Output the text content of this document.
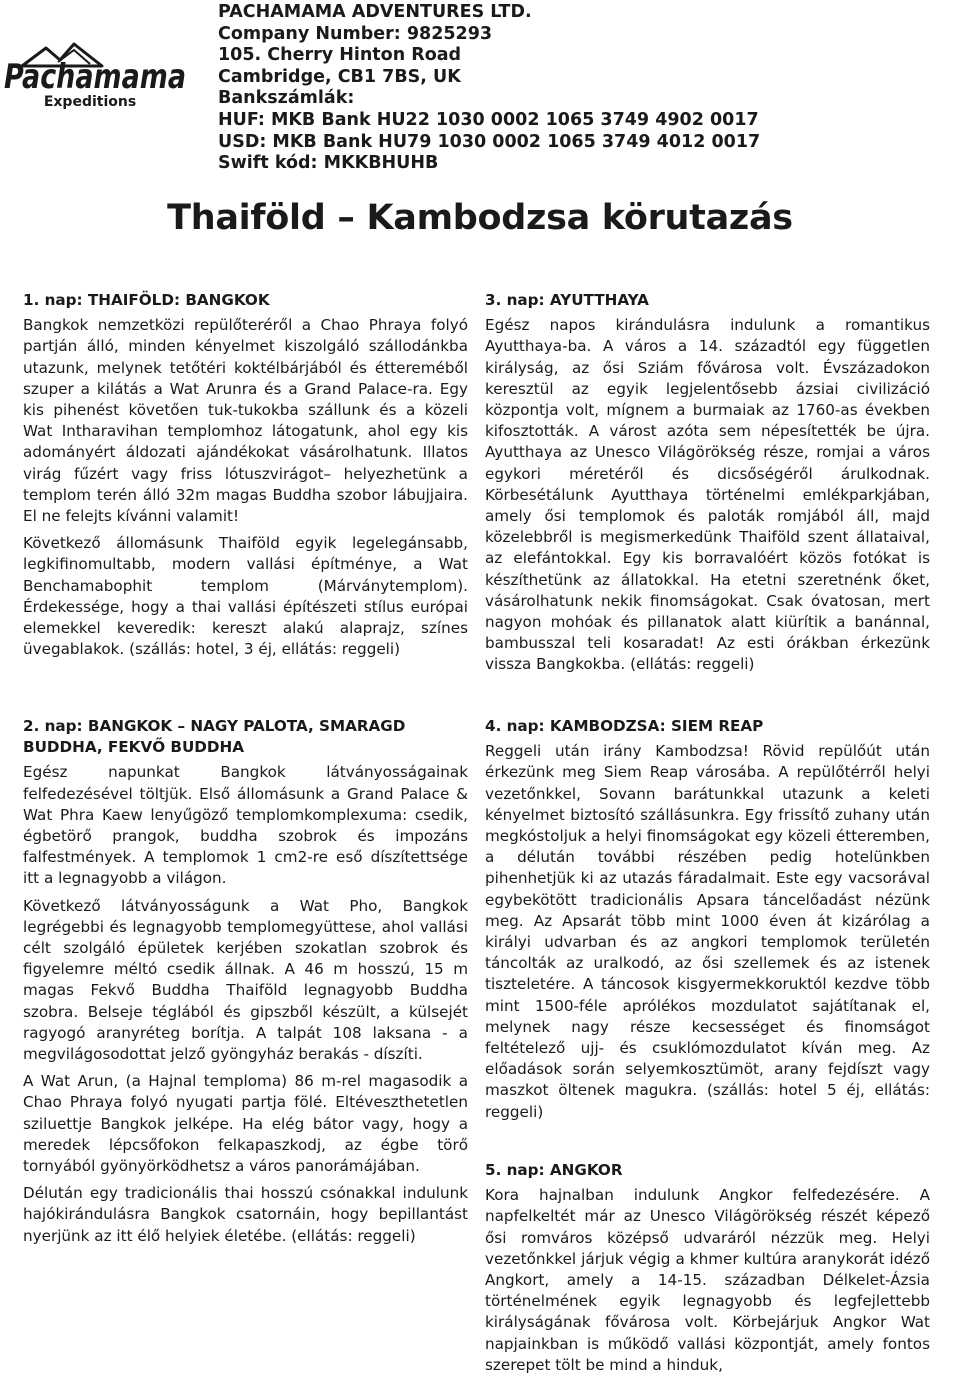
Pachamama
Expeditions
PACHAMAMA ADVENTURES LTD.
Company Number: 9825293
105. Cherry Hinton Road
Cambridge, CB1 7BS, UK
Bankszámlák:
HUF: MKB Bank HU22 1030 0002 1065 3749 4902 0017
USD: MKB Bank HU79 1030 0002 1065 3749 4012 0017
Swift kód: MKKBHUHB
Thaiföld – Kambodzsa körutazás
1. nap: THAIFÖLD: BANGKOK

Bangkok nemzetközi repülőteréről a Chao Phraya folyó partján álló, minden kényelmet kiszolgáló szállodánkba utazunk, melynek tetőtéri koktélbárjából és éttereméből szuper a kilátás a Wat Arunra és a Grand Palace-ra. Egy kis pihenést követően tuk-tukokba szállunk és a közeli Wat Intharavihan templomhoz látogatunk, ahol egy kis adományért áldozati ajándékokat vásárolhatunk. Illatos virág fűzért vagy friss lótuszvirágot– helyezhetünk a templom terén álló 32m magas Buddha szobor lábujjaira. El ne felejts kívánni valamit!

Következő állomásunk Thaiföld egyik legelegánsabb, legkifinomultabb, modern vallási építménye, a Wat Benchamabophit templom (Márványtemplom). Érdekessége, hogy a thai vallási építészeti stílus európai elemekkel keveredik: kereszt alakú alaprajz, színes üvegablakok. (szállás: hotel, 3 éj, ellátás: reggeli)

3. nap: AYUTTHAYA

Egész napos kirándulásra indulunk a romantikus Ayutthaya-ba. A város a 14. századtól egy független királyság, az ősi Sziám fővárosa volt. Évszázadokon keresztül az egyik legjelentősebb ázsiai civilizáció központja volt, mígnem a burmaiak az 1760-as években kifosztották. A várost azóta sem népesítették be újra. Ayutthaya az Unesco Világörökség része, romjai a város egykori méretéről és dicsőségéről árulkodnak. Körbesétálunk Ayutthaya történelmi emlékparkjában, amely ősi templomok és paloták romjából áll, majd közelebbről is megismerkedünk Thaiföld szent állataival, az elefántokkal. Egy kis borravalóért közös fotókat is készíthetünk az állatokkal. Ha etetni szeretnénk őket, vásárolhatunk nekik finomságokat. Csak óvatosan, mert nagyon mohóak és pillanatok alatt kiürítik a banánnal, bambusszal teli kosaradat! Az esti órákban érkezünk vissza Bangkokba. (ellátás: reggeli)

2. nap: BANGKOK – NAGY PALOTA, SMARAGD BUDDHA, FEKVŐ BUDDHA

Egész napunkat Bangkok látványosságainak felfedezésével töltjük. Első állomásunk a Grand Palace & Wat Phra Kaew lenyűgöző templomkomplexuma: csedik, égbetörő prangok, buddha szobrok és impozáns falfestmények. A templomok 1 cm2-re eső díszítettsége itt a legnagyobb a világon.

Következő látványosságunk a Wat Pho, Bangkok legrégebbi és legnagyobb templomegyüttese, ahol vallási célt szolgáló épületek kerjében szokatlan szobrok és figyelemre méltó csedik állnak. A 46 m hosszú, 15 m magas Fekvő Buddha Thaiföld legnagyobb Buddha szobra. Belseje téglából és gipszből készült, a külsejét ragyogó aranyréteg borítja. A talpát 108 laksana - a megvilágosodottat jelző gyöngyház berakás - díszíti.

A Wat Arun, (a Hajnal temploma) 86 m-rel magasodik a Chao Phraya folyó nyugati partja fölé. Eltéveszthetetlen sziluettje Bangkok jelképe. Ha elég bátor vagy, hogy a meredek lépcsőfokon felkapaszkodj, az égbe törő tornyából gyönyörködhetsz a város panorámájában.

Délután egy tradicionális thai hosszú csónakkal indulunk hajókirándulásra Bangkok csatornáin, hogy bepillantást nyerjünk az itt élő helyiek életébe. (ellátás: reggeli)

4. nap: KAMBODZSA: SIEM REAP

Reggeli után irány Kambodzsa! Rövid repülőút után érkezünk meg Siem Reap városába. A repülőtérről helyi vezetőnkkel, Sovann barátunkkal utazunk a keleti kényelmet biztosító szállásunkra. Egy frissítő zuhany után megkóstoljuk a helyi finomságokat egy közeli étteremben, a délután további részében pedig hotelünkben pihenhetjük ki az utazás fáradalmait. Este egy vacsorával egybekötött tradicionális Apsara táncelőadást nézünk meg. Az Apsarát több mint 1000 éven át kizárólag a királyi udvarban és az angkori templomok területén táncolták az uralkodó, az ősi szellemek és az istenek tiszteletére. A táncosok kisgyermekkoruktól kezdve több mint 1500-féle aprólékos mozdulatot sajátítanak el, melynek nagy része kecsességet és finomságot feltételező ujj- és csuklómozdulatot kíván meg. Az előadások során selyemkosztümöt, arany fejdíszt vagy maszkot öltenek magukra. (szállás: hotel 5 éj, ellátás: reggeli)

5. nap: ANGKOR

Kora hajnalban indulunk Angkor felfedezésére. A napfelkeltét már az Unesco Világörökség részét képező ősi romváros középső udvaráról nézzük meg. Helyi vezetőnkkel járjuk végig a khmer kultúra aranykorát idéző Angkort, amely a 14-15. században Délkelet-Ázsia történelmének egyik legnagyobb és legfejlettebb királyságának fővárosa volt. Körbejárjuk Angkor Wat napjainkban is működő vallási központját, amely fontos szerepet tölt be mind a hinduk,
